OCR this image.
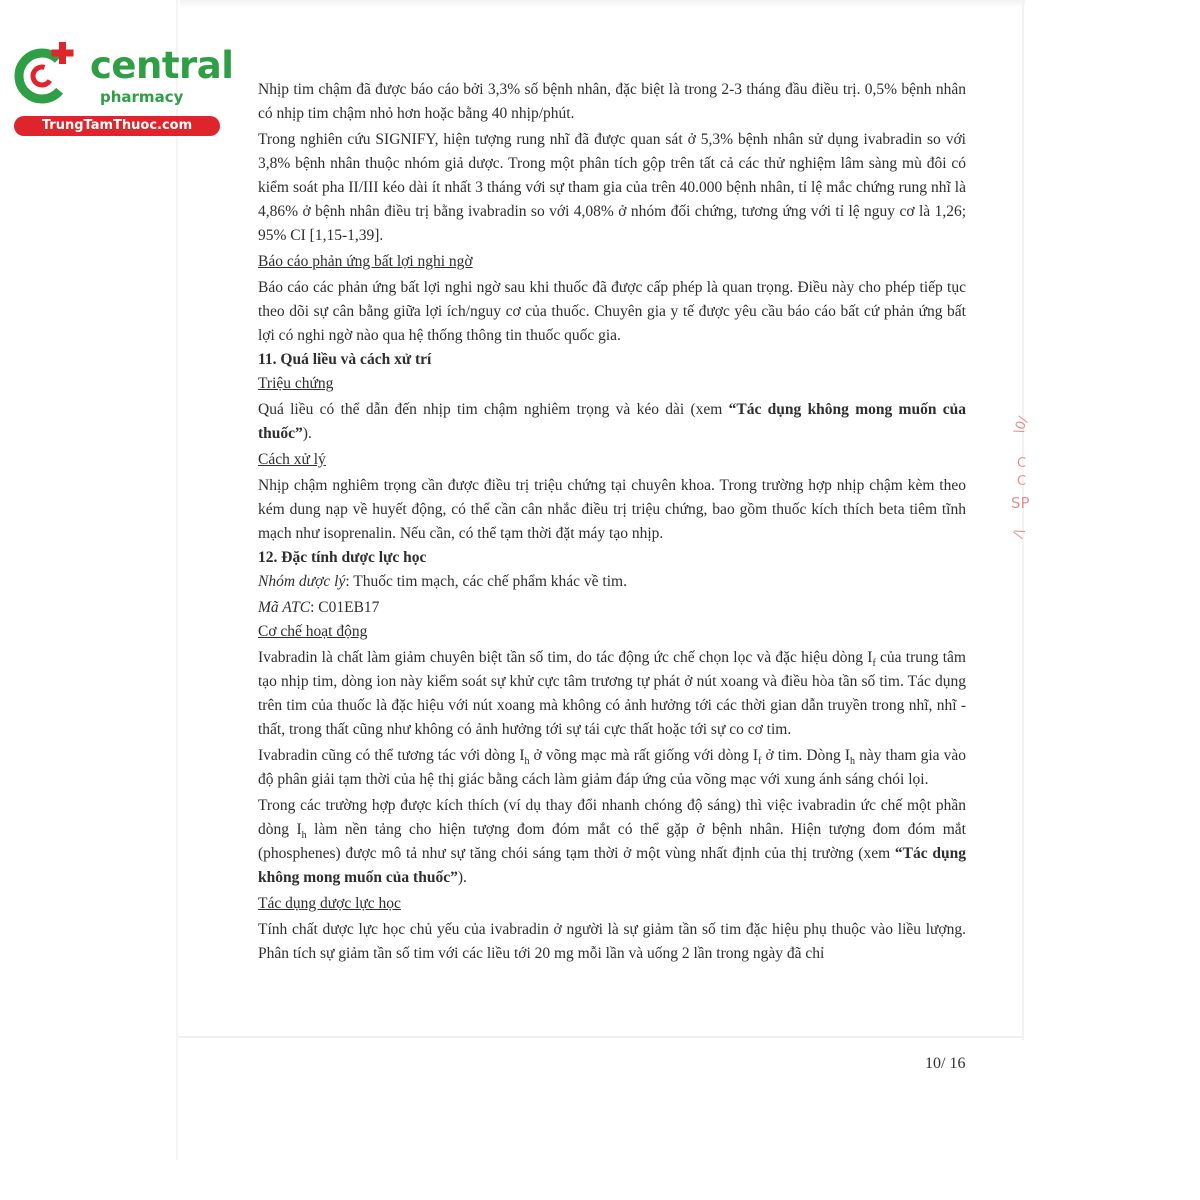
central
pharmacy
TrungTamThuoc.com

Nhịp tim chậm đã được báo cáo bởi 3,3% số bệnh nhân, đặc biệt là trong 2-3 tháng đầu điều trị. 0,5% bệnh nhân có nhịp tim chậm nhỏ hơn hoặc bằng 40 nhịp/phút.

Trong nghiên cứu SIGNIFY, hiện tượng rung nhĩ đã được quan sát ở 5,3% bệnh nhân sử dụng ivabradin so với 3,8% bệnh nhân thuộc nhóm giả dược. Trong một phân tích gộp trên tất cả các thử nghiệm lâm sàng mù đôi có kiểm soát pha II/III kéo dài ít nhất 3 tháng với sự tham gia của trên 40.000 bệnh nhân, tỉ lệ mắc chứng rung nhĩ là 4,86% ở bệnh nhân điều trị bằng ivabradin so với 4,08% ở nhóm đối chứng, tương ứng với tỉ lệ nguy cơ là 1,26; 95% CI [1,15-1,39].

Báo cáo phản ứng bất lợi nghi ngờ

Báo cáo các phản ứng bất lợi nghi ngờ sau khi thuốc đã được cấp phép là quan trọng. Điều này cho phép tiếp tục theo dõi sự cân bằng giữa lợi ích/nguy cơ của thuốc. Chuyên gia y tế được yêu cầu báo cáo bất cứ phản ứng bất lợi có nghi ngờ nào qua hệ thống thông tin thuốc quốc gia.

11. Quá liều và cách xử trí

Triệu chứng

Quá liều có thể dẫn đến nhịp tim chậm nghiêm trọng và kéo dài (xem “Tác dụng không mong muốn của thuốc”).

Cách xử lý

Nhịp chậm nghiêm trọng cần được điều trị triệu chứng tại chuyên khoa. Trong trường hợp nhịp chậm kèm theo kém dung nạp về huyết động, có thể cần cân nhắc điều trị triệu chứng, bao gồm thuốc kích thích beta tiêm tĩnh mạch như isoprenalin. Nếu cần, có thể tạm thời đặt máy tạo nhịp.

12. Đặc tính dược lực học

Nhóm dược lý: Thuốc tim mạch, các chế phẩm khác về tim.

Mã ATC: C01EB17

Cơ chế hoạt động

Ivabradin là chất làm giảm chuyên biệt tần số tim, do tác động ức chế chọn lọc và đặc hiệu dòng $I_f$ của trung tâm tạo nhịp tim, dòng ion này kiểm soát sự khử cực tâm trương tự phát ở nút xoang và điều hòa tần số tim. Tác dụng trên tim của thuốc là đặc hiệu với nút xoang mà không có ảnh hưởng tới các thời gian dẫn truyền trong nhĩ, nhĩ - thất, trong thất cũng như không có ảnh hưởng tới sự tái cực thất hoặc tới sự co cơ tim.

Ivabradin cũng có thể tương tác với dòng $I_h$ ở võng mạc mà rất giống với dòng $I_f$ ở tim. Dòng $I_h$ này tham gia vào độ phân giải tạm thời của hệ thị giác bằng cách làm giảm đáp ứng của võng mạc với xung ánh sáng chói lọi.

Trong các trường hợp được kích thích (ví dụ thay đổi nhanh chóng độ sáng) thì việc ivabradin ức chế một phần dòng $I_h$ làm nền tảng cho hiện tượng đom đóm mắt có thể gặp ở bệnh nhân. Hiện tượng đom đóm mắt (phosphenes) được mô tả như sự tăng chói sáng tạm thời ở một vùng nhất định của thị trường (xem “Tác dụng không mong muốn của thuốc”).

Tác dụng dược lực học

Tính chất dược lực học chủ yếu của ivabradin ở người là sự giảm tần số tim đặc hiệu phụ thuộc vào liều lượng. Phân tích sự giảm tần số tim với các liều tới 20 mg mỗi lần và uống 2 lần trong ngày đã chỉ

\0/
C
C
SP
/\
10/ 16
